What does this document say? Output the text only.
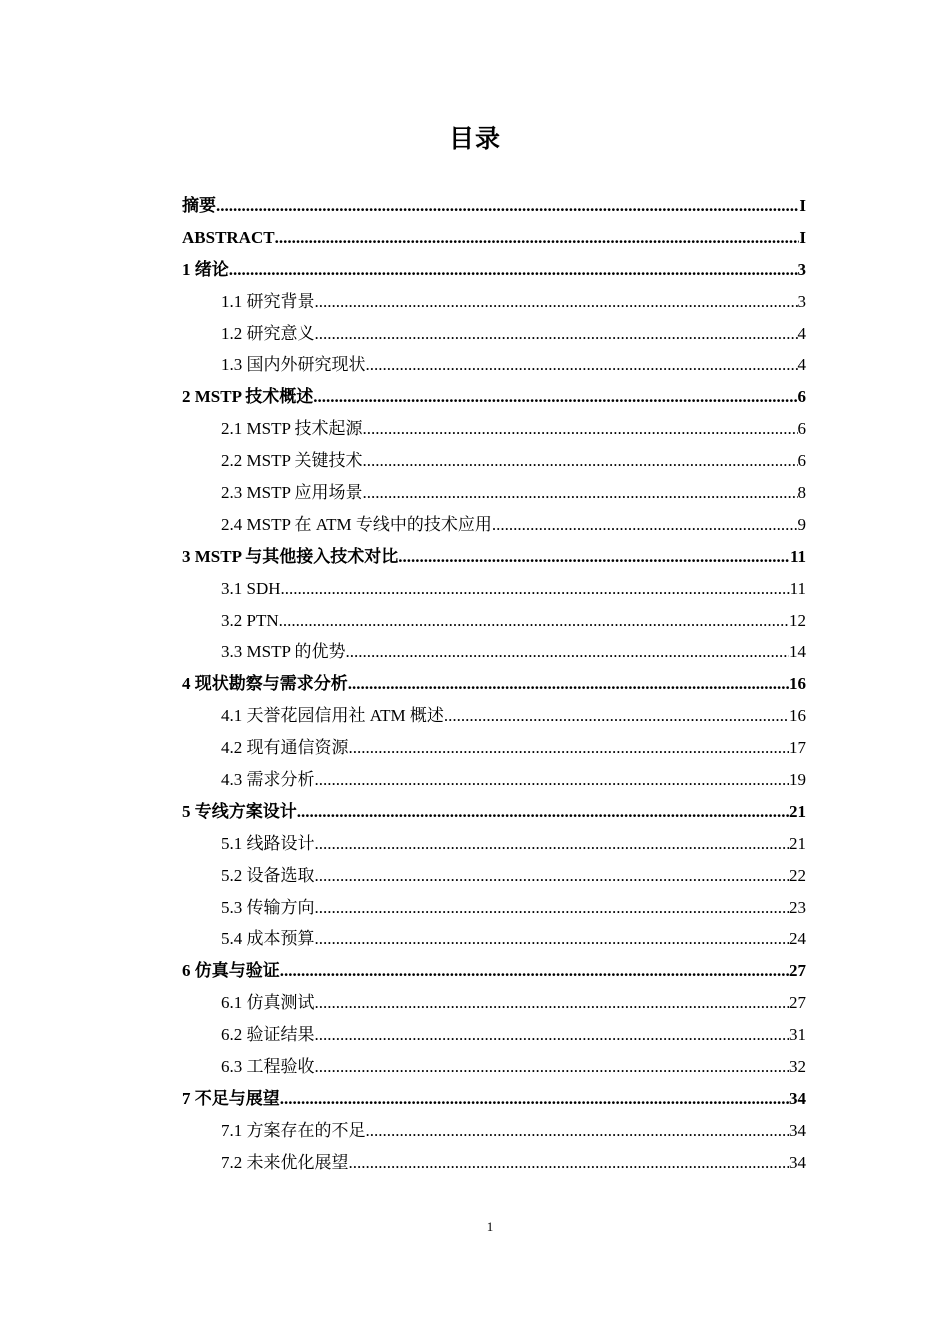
目录
摘要 .....	I
ABSTRACT .....	I
1 绪论 .....	3
1.1 研究背景 .....	3
1.2 研究意义 .....	4
1.3 国内外研究现状 .....	4
2 MSTP 技术概述 .....	6
2.1 MSTP 技术起源 .....	6
2.2 MSTP 关键技术 .....	6
2.3 MSTP 应用场景 .....	8
2.4 MSTP 在 ATM 专线中的技术应用 .....	9
3 MSTP 与其他接入技术对比 .....	11
3.1 SDH .....	11
3.2 PTN .....	12
3.3 MSTP 的优势 .....	14
4 现状勘察与需求分析 .....	16
4.1 天誉花园信用社 ATM 概述 .....	16
4.2 现有通信资源 .....	17
4.3 需求分析 .....	19
5 专线方案设计 .....	21
5.1 线路设计 .....	21
5.2 设备选取 .....	22
5.3 传输方向 .....	23
5.4 成本预算 .....	24
6 仿真与验证 .....	27
6.1 仿真测试 .....	27
6.2 验证结果 .....	31
6.3 工程验收 .....	32
7 不足与展望 .....	34
7.1 方案存在的不足 .....	34
7.2 未来优化展望 .....	34
1
